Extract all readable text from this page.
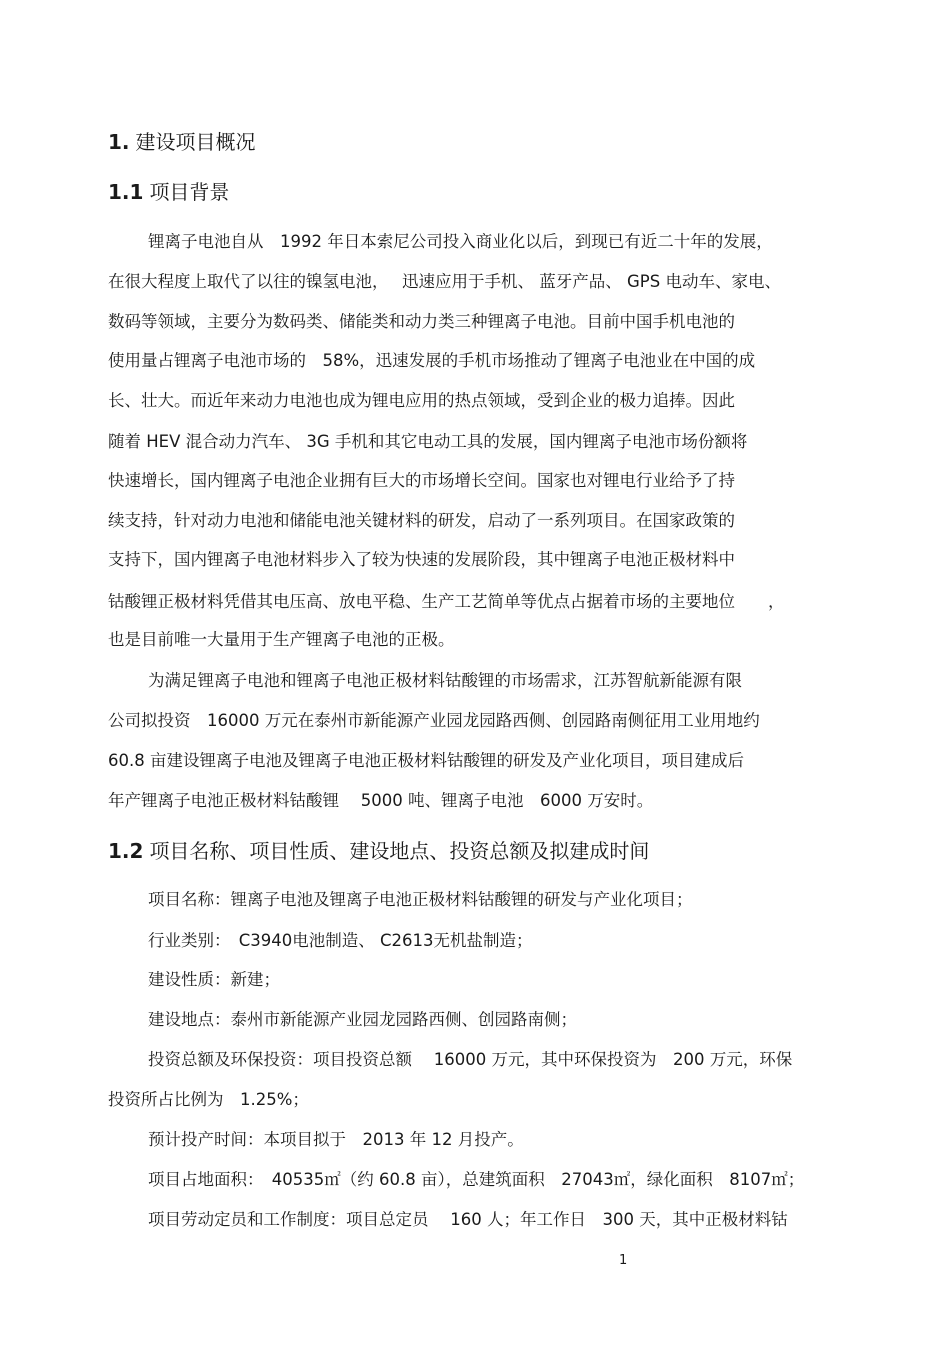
1. 建设项目概况
1.1 项目背景
锂离子电池自从　1992 年日本索尼公司投入商业化以后，到现已有近二十年的发展，
在很大程度上取代了以往的镍氢电池，　 迅速应用于手机、 蓝牙产品、 GPS 电动车、家电、
数码等领域，主要分为数码类、储能类和动力类三种锂离子电池。目前中国手机电池的
使用量占锂离子电池市场的　58%，迅速发展的手机市场推动了锂离子电池业在中国的成
长、壮大。而近年来动力电池也成为锂电应用的热点领域，受到企业的极力追捧。因此
随着 HEV 混合动力汽车、 3G 手机和其它电动工具的发展，国内锂离子电池市场份额将
快速增长，国内锂离子电池企业拥有巨大的市场增长空间。国家也对锂电行业给予了持
续支持，针对动力电池和储能电池关键材料的研发，启动了一系列项目。在国家政策的
支持下，国内锂离子电池材料步入了较为快速的发展阶段，其中锂离子电池正极材料中
钴酸锂正极材料凭借其电压高、放电平稳、生产工艺简单等优点占据着市场的主要地位　　，
也是目前唯一大量用于生产锂离子电池的正极。
为满足锂离子电池和锂离子电池正极材料钴酸锂的市场需求，江苏智航新能源有限
公司拟投资　16000 万元在泰州市新能源产业园龙园路西侧、创园路南侧征用工业用地约
60.8 亩建设锂离子电池及锂离子电池正极材料钴酸锂的研发及产业化项目，项目建成后
年产锂离子电池正极材料钴酸锂　 5000 吨、锂离子电池　6000 万安时。
1.2 项目名称、项目性质、建设地点、投资总额及拟建成时间
项目名称：锂离子电池及锂离子电池正极材料钴酸锂的研发与产业化项目；
行业类别：　C3940电池制造、 C2613无机盐制造；
建设性质：新建；
建设地点：泰州市新能源产业园龙园路西侧、创园路南侧；
投资总额及环保投资：项目投资总额　 16000 万元，其中环保投资为　200 万元，环保
投资所占比例为　1.25%；
预计投产时间：本项目拟于　2013 年 12 月投产。
项目占地面积：　40535㎡（约 60.8 亩），总建筑面积　27043㎡，绿化面积　8107㎡；
项目劳动定员和工作制度：项目总定员　 160 人；年工作日　300 天，其中正极材料钴
1
